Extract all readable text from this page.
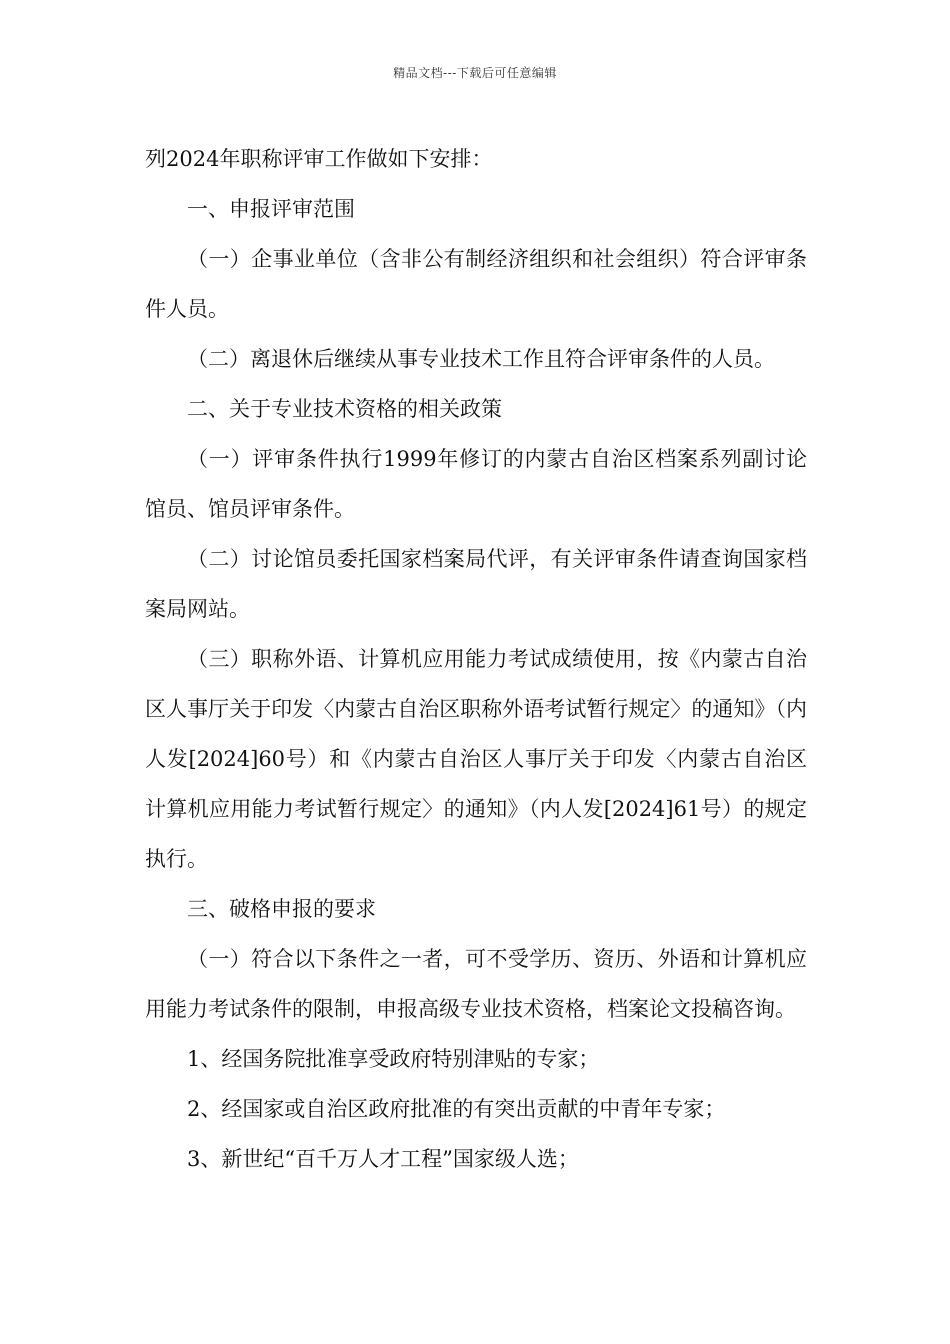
精品文档---下载后可任意编辑

列2024年职称评审工作做如下安排：

一、申报评审范围

（一）企事业单位（含非公有制经济组织和社会组织）符合评审条件人员。

（二）离退休后继续从事专业技术工作且符合评审条件的人员。

二、关于专业技术资格的相关政策

（一）评审条件执行1999年修订的内蒙古自治区档案系列副讨论馆员、馆员评审条件。

（二）讨论馆员委托国家档案局代评，有关评审条件请查询国家档案局网站。

（三）职称外语、计算机应用能力考试成绩使用，按《内蒙古自治区人事厅关于印发〈内蒙古自治区职称外语考试暂行规定〉的通知》（内人发[2024]60号）和《内蒙古自治区人事厅关于印发〈内蒙古自治区计算机应用能力考试暂行规定〉的通知》（内人发[2024]61号）的规定执行。

三、破格申报的要求

（一）符合以下条件之一者，可不受学历、资历、外语和计算机应用能力考试条件的限制，申报高级专业技术资格，档案论文投稿咨询。

1、经国务院批准享受政府特别津贴的专家；

2、经国家或自治区政府批准的有突出贡献的中青年专家；

3、新世纪“百千万人才工程”国家级人选；
